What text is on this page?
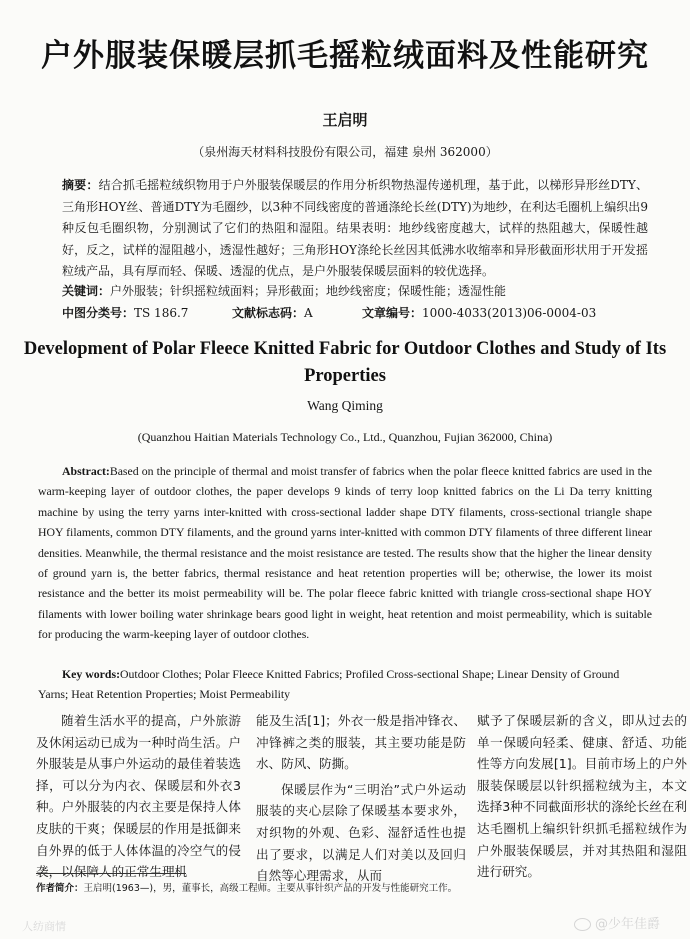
户外服装保暖层抓毛摇粒绒面料及性能研究
王启明
（泉州海天材料科技股份有限公司，福建 泉州 362000）
摘要：结合抓毛摇粒绒织物用于户外服装保暖层的作用分析织物热湿传递机理，基于此，以梯形异形丝DTY、三角形HOY丝、普通DTY为毛圈纱，以3种不同线密度的普通涤纶长丝(DTY)为地纱，在利达毛圈机上编织出9种反包毛圈织物，分别测试了它们的热阻和湿阻。结果表明：地纱线密度越大，试样的热阻越大，保暖性越好，反之，试样的湿阻越小，透湿性越好；三角形HOY涤纶长丝因其低沸水收缩率和异形截面形状用于开发摇粒绒产品，具有厚而轻、保暖、透湿的优点，是户外服装保暖层面料的较优选择。
关键词：户外服装；针织摇粒绒面料；异形截面；地纱线密度；保暖性能；透湿性能
中图分类号：TS 186.7	文献标志码：A	文章编号：1000-4033(2013)06-0004-03
Development of Polar Fleece Knitted Fabric for Outdoor Clothes and Study of Its Properties
Wang Qiming
(Quanzhou Haitian Materials Technology Co., Ltd., Quanzhou, Fujian 362000, China)
Abstract:Based on the principle of thermal and moist transfer of fabrics when the polar fleece knitted fabrics are used in the warm-keeping layer of outdoor clothes, the paper develops 9 kinds of terry loop knitted fabrics on the Li Da terry knitting machine by using the terry yarns inter-knitted with cross-sectional ladder shape DTY filaments, cross-sectional triangle shape HOY filaments, common DTY filaments, and the ground yarns inter-knitted with common DTY filaments of three different linear densities. Meanwhile, the thermal resistance and the moist resistance are tested. The results show that the higher the linear density of ground yarn is, the better fabrics, thermal resistance and heat retention properties will be; otherwise, the lower its moist resistance and the better its moist permeability will be. The polar fleece fabric knitted with triangle cross-sectional shape HOY filaments with lower boiling water shrinkage bears good light in weight, heat retention and moist permeability, which is suitable for producing the warm-keeping layer of outdoor clothes.
Key words:Outdoor Clothes; Polar Fleece Knitted Fabrics; Profiled Cross-sectional Shape; Linear Density of Ground Yarns; Heat Retention Properties; Moist Permeability

随着生活水平的提高，户外旅游及休闲运动已成为一种时尚生活。户外服装是从事户外运动的最佳着装选择，可以分为内衣、保暖层和外衣3种。户外服装的内衣主要是保持人体皮肤的干爽；保暖层的作用是抵御来自外界的低于人体体温的冷空气的侵袭，以保障人的正常生理机

能及生活[1]；外衣一般是指冲锋衣、冲锋裤之类的服装，其主要功能是防水、防风、防撕。

保暖层作为“三明治”式户外运动服装的夹心层除了保暖基本要求外，对织物的外观、色彩、湿舒适性也提出了要求，以满足人们对美以及回归自然等心理需求，从而

赋予了保暖层新的含义，即从过去的单一保暖向轻柔、健康、舒适、功能性等方向发展[1]。目前市场上的户外服装保暖层以针织摇粒绒为主，本文选择3种不同截面形状的涤纶长丝在利达毛圈机上编织针织抓毛摇粒绒作为户外服装保暖层，并对其热阻和湿阻进行研究。

作者简介：王启明(1963—)，男，董事长，高级工程师。主要从事针织产品的开发与性能研究工作。
人纺商情	@少年佳爵
